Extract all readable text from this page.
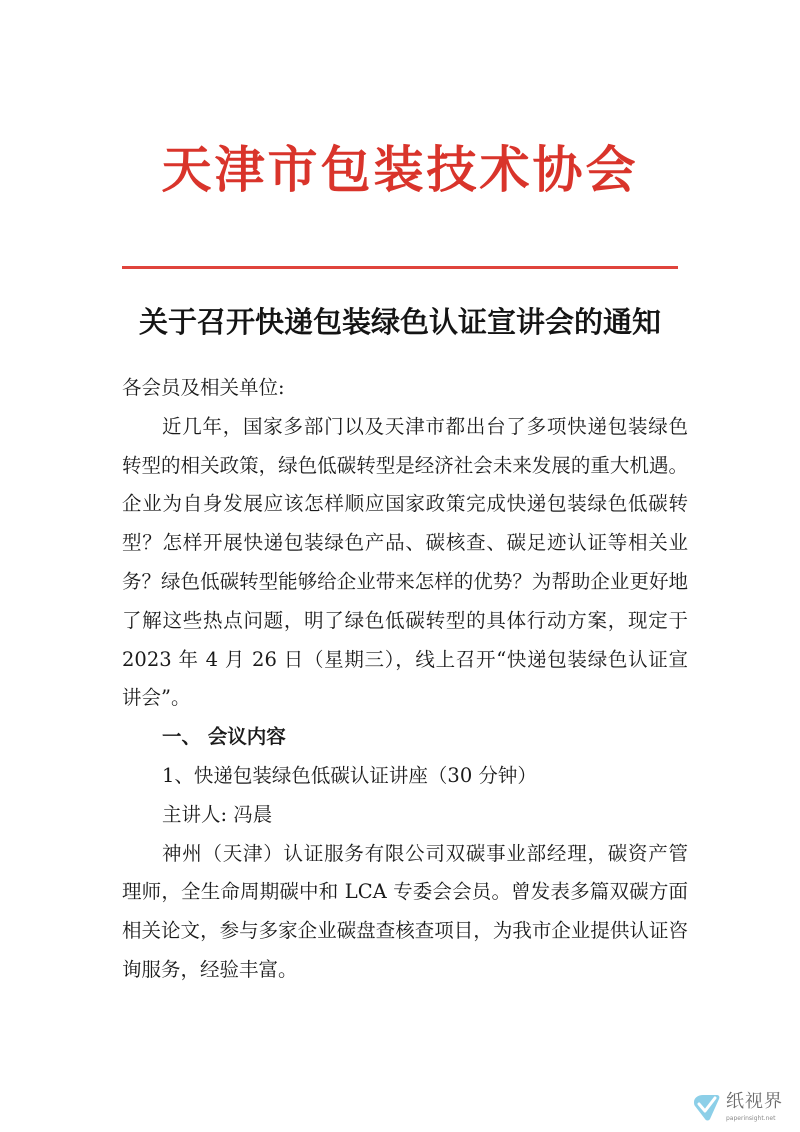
天津市包装技术协会
关于召开快递包装绿色认证宣讲会的通知

各会员及相关单位:

近几年，国家多部门以及天津市都出台了多项快递包装绿色转型的相关政策，绿色低碳转型是经济社会未来发展的重大机遇。企业为自身发展应该怎样顺应国家政策完成快递包装绿色低碳转型？怎样开展快递包装绿色产品、碳核查、碳足迹认证等相关业务？绿色低碳转型能够给企业带来怎样的优势？为帮助企业更好地了解这些热点问题，明了绿色低碳转型的具体行动方案，现定于 2023 年 4 月 26 日（星期三），线上召开“快递包装绿色认证宣讲会”。

一、 会议内容

1、快递包装绿色低碳认证讲座（30 分钟）

主讲人: 冯晨

神州（天津）认证服务有限公司双碳事业部经理，碳资产管理师，全生命周期碳中和 LCA 专委会会员。曾发表多篇双碳方面相关论文，参与多家企业碳盘查核查项目，为我市企业提供认证咨询服务，经验丰富。

纸视界
paperinsight.net
